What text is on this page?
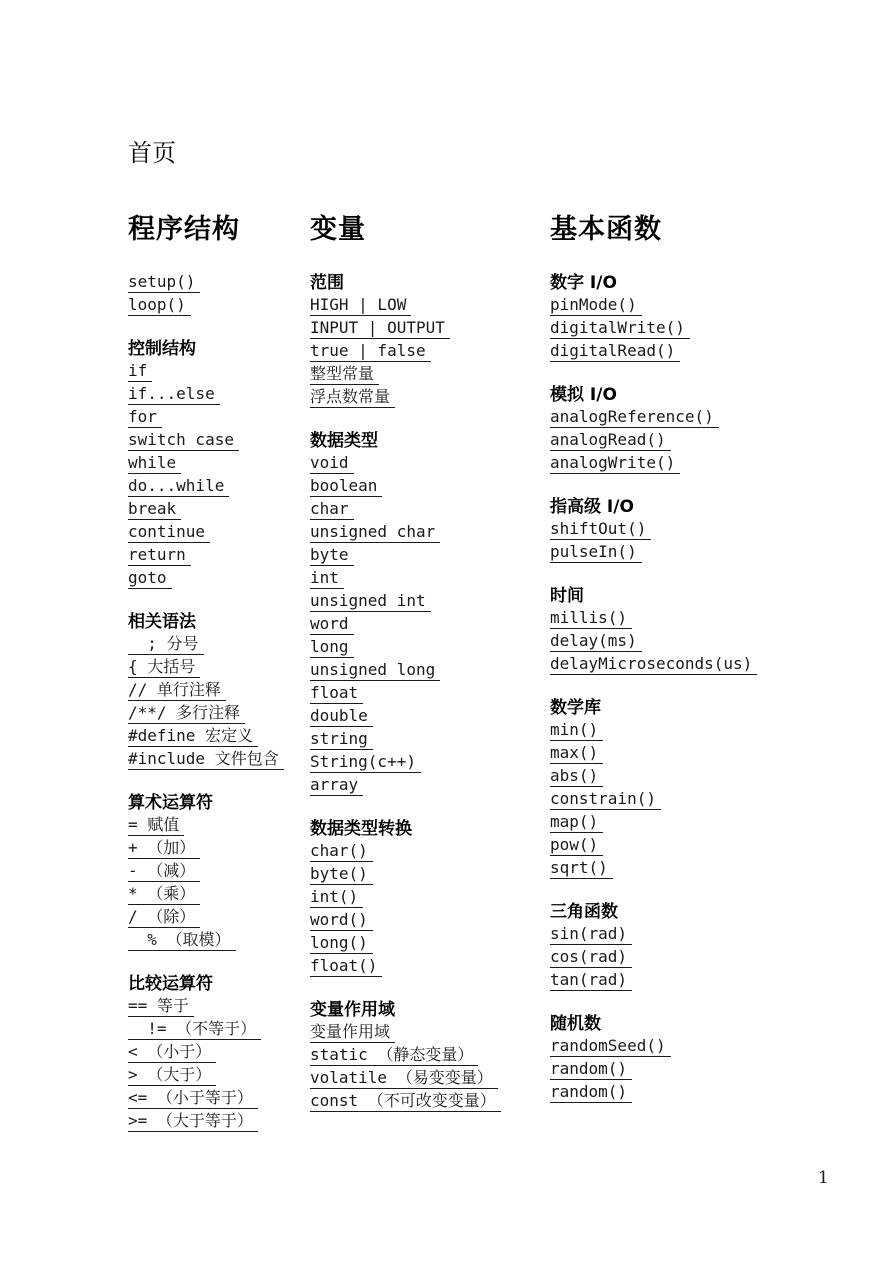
首页
程序结构
setup()
loop()
控制结构
if
if...else
for
switch case
while
do...while
break
continue
return
goto
相关语法
; 分号
{ 大括号
// 单行注释
/**/ 多行注释
#define 宏定义
#include 文件包含
算术运算符
= 赋值
+ （加）
- （减）
* （乘）
/ （除）
% （取模）
比较运算符
== 等于
!= （不等于）
< （小于）
> （大于）
<= （小于等于）
>= （大于等于）
变量
范围
HIGH | LOW
INPUT | OUTPUT
true | false
整型常量
浮点数常量
数据类型
void
boolean
char
unsigned char
byte
int
unsigned int
word
long
unsigned long
float
double
string
String(c++)
array
数据类型转换
char()
byte()
int()
word()
long()
float()
变量作用域
变量作用域
static （静态变量）
volatile （易变变量）
const （不可改变变量）
基本函数
数字 I/O
pinMode()
digitalWrite()
digitalRead()
模拟 I/O
analogReference()
analogRead()
analogWrite()
指高级 I/O
shiftOut()
pulseIn()
时间
millis()
delay(ms)
delayMicroseconds(us)
数学库
min()
max()
abs()
constrain()
map()
pow()
sqrt()
三角函数
sin(rad)
cos(rad)
tan(rad)
随机数
randomSeed()
random()
random()
1
